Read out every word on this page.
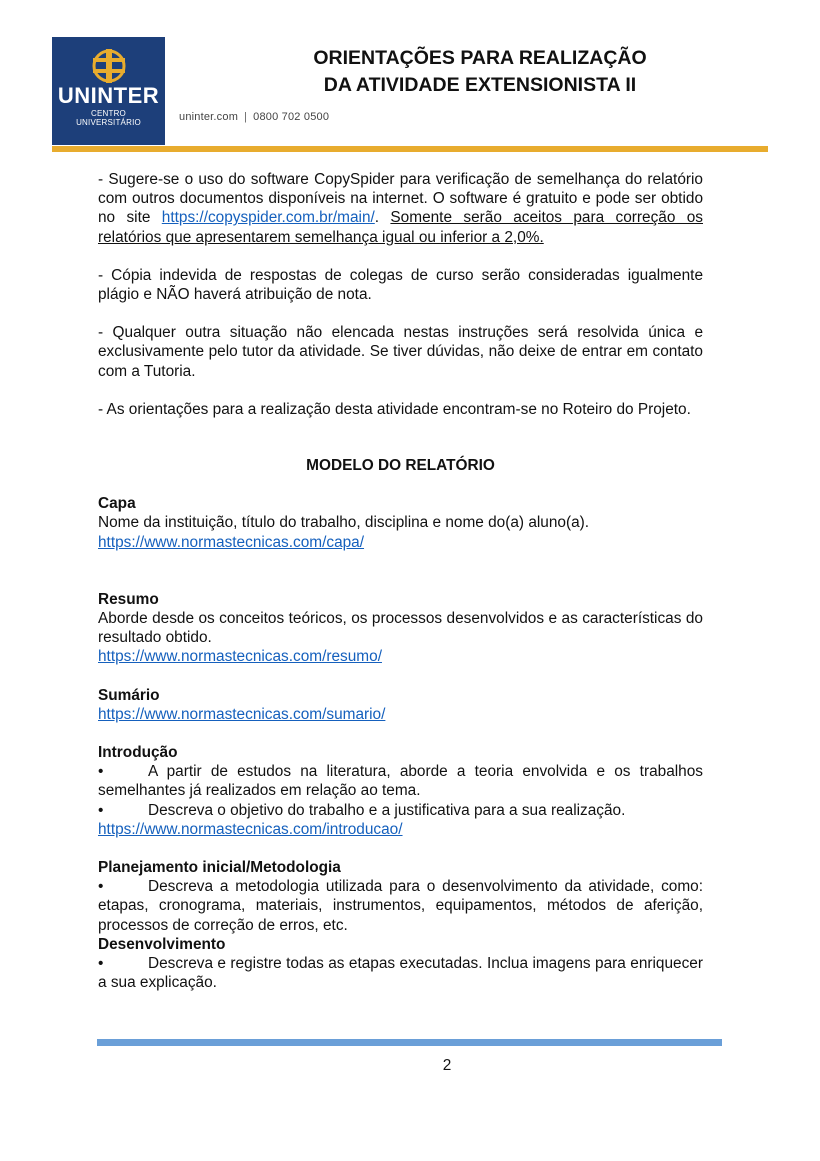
UNINTER
CENTRO
UNIVERSITÁRIO	uninter.com | 0800 702 0500
ORIENTAÇÕES PARA REALIZAÇÃO
DA ATIVIDADE EXTENSIONISTA II

- Sugere-se o uso do software CopySpider para verificação de semelhança do relatório com outros documentos disponíveis na internet. O software é gratuito e pode ser obtido no site https://copyspider.com.br/main/. Somente serão aceitos para correção os relatórios que apresentarem semelhança igual ou inferior a 2,0%.

- Cópia indevida de respostas de colegas de curso serão consideradas igualmente plágio e NÃO haverá atribuição de nota.

- Qualquer outra situação não elencada nestas instruções será resolvida única e exclusivamente pelo tutor da atividade. Se tiver dúvidas, não deixe de entrar em contato com a Tutoria.

- As orientações para a realização desta atividade encontram-se no Roteiro do Projeto.

MODELO DO RELATÓRIO

Capa

Nome da instituição, título do trabalho, disciplina e nome do(a) aluno(a).

https://www.normastecnicas.com/capa/

Resumo

Aborde desde os conceitos teóricos, os processos desenvolvidos e as características do resultado obtido.

https://www.normastecnicas.com/resumo/

Sumário

https://www.normastecnicas.com/sumario/

Introdução

•	A partir de estudos na literatura, aborde a teoria envolvida e os trabalhos semelhantes já realizados em relação ao tema.

•	Descreva o objetivo do trabalho e a justificativa para a sua realização.

https://www.normastecnicas.com/introducao/

Planejamento inicial/Metodologia

•	Descreva a metodologia utilizada para o desenvolvimento da atividade, como: etapas, cronograma, materiais, instrumentos, equipamentos, métodos de aferição, processos de correção de erros, etc.

Desenvolvimento

•	Descreva e registre todas as etapas executadas. Inclua imagens para enriquecer a sua explicação.

2
